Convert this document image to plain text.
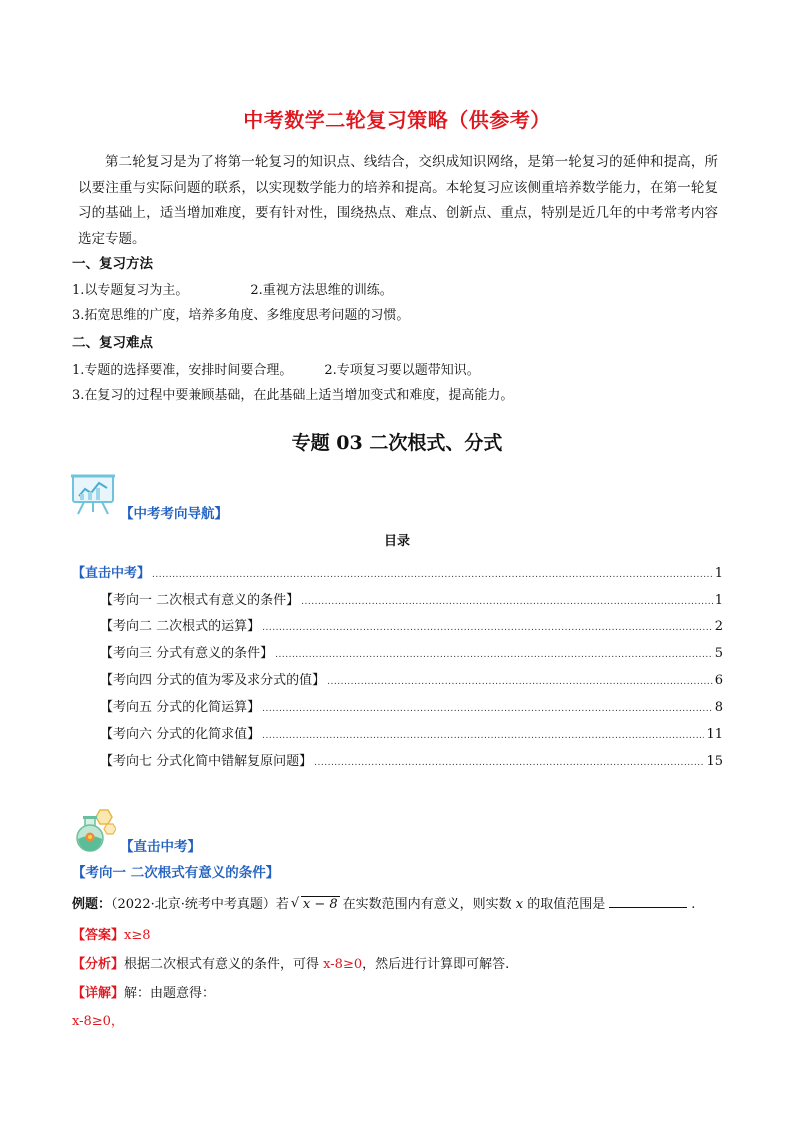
中考数学二轮复习策略（供参考）
第二轮复习是为了将第一轮复习的知识点、线结合，交织成知识网络，是第一轮复习的延伸和提高，所以要注重与实际问题的联系，以实现数学能力的培养和提高。本轮复习应该侧重培养数学能力，在第一轮复习的基础上，适当增加难度，要有针对性，围绕热点、难点、创新点、重点，特别是近几年的中考常考内容选定专题。
一、复习方法
1.以专题复习为主。	2.重视方法思维的训练。
3.拓宽思维的广度，培养多角度、多维度思考问题的习惯。
二、复习难点
1.专题的选择要准，安排时间要合理。 2.专项复习要以题带知识。
3.在复习的过程中要兼顾基础，在此基础上适当增加变式和难度，提高能力。
专题 03 二次根式、分式
【中考考向导航】
目录
【直击中考】 .....	1
【考向一 二次根式有意义的条件】 .....	1
【考向二 二次根式的运算】 .....	2
【考向三 分式有意义的条件】 .....	5
【考向四 分式的值为零及求分式的值】 .....	6
【考向五 分式的化简运算】 .....	8
【考向六 分式的化简求值】 .....	11
【考向七 分式化简中错解复原问题】 .....	15
【直击中考】
【考向一 二次根式有意义的条件】
例题：（2022·北京·统考中考真题）若 √ x − 8 在实数范围内有意义，则实数 x 的取值范围是	.
【答案】x≥8
【分析】根据二次根式有意义的条件，可得 x-8≥0，然后进行计算即可解答.
【详解】解：由题意得：
x-8≥0，
